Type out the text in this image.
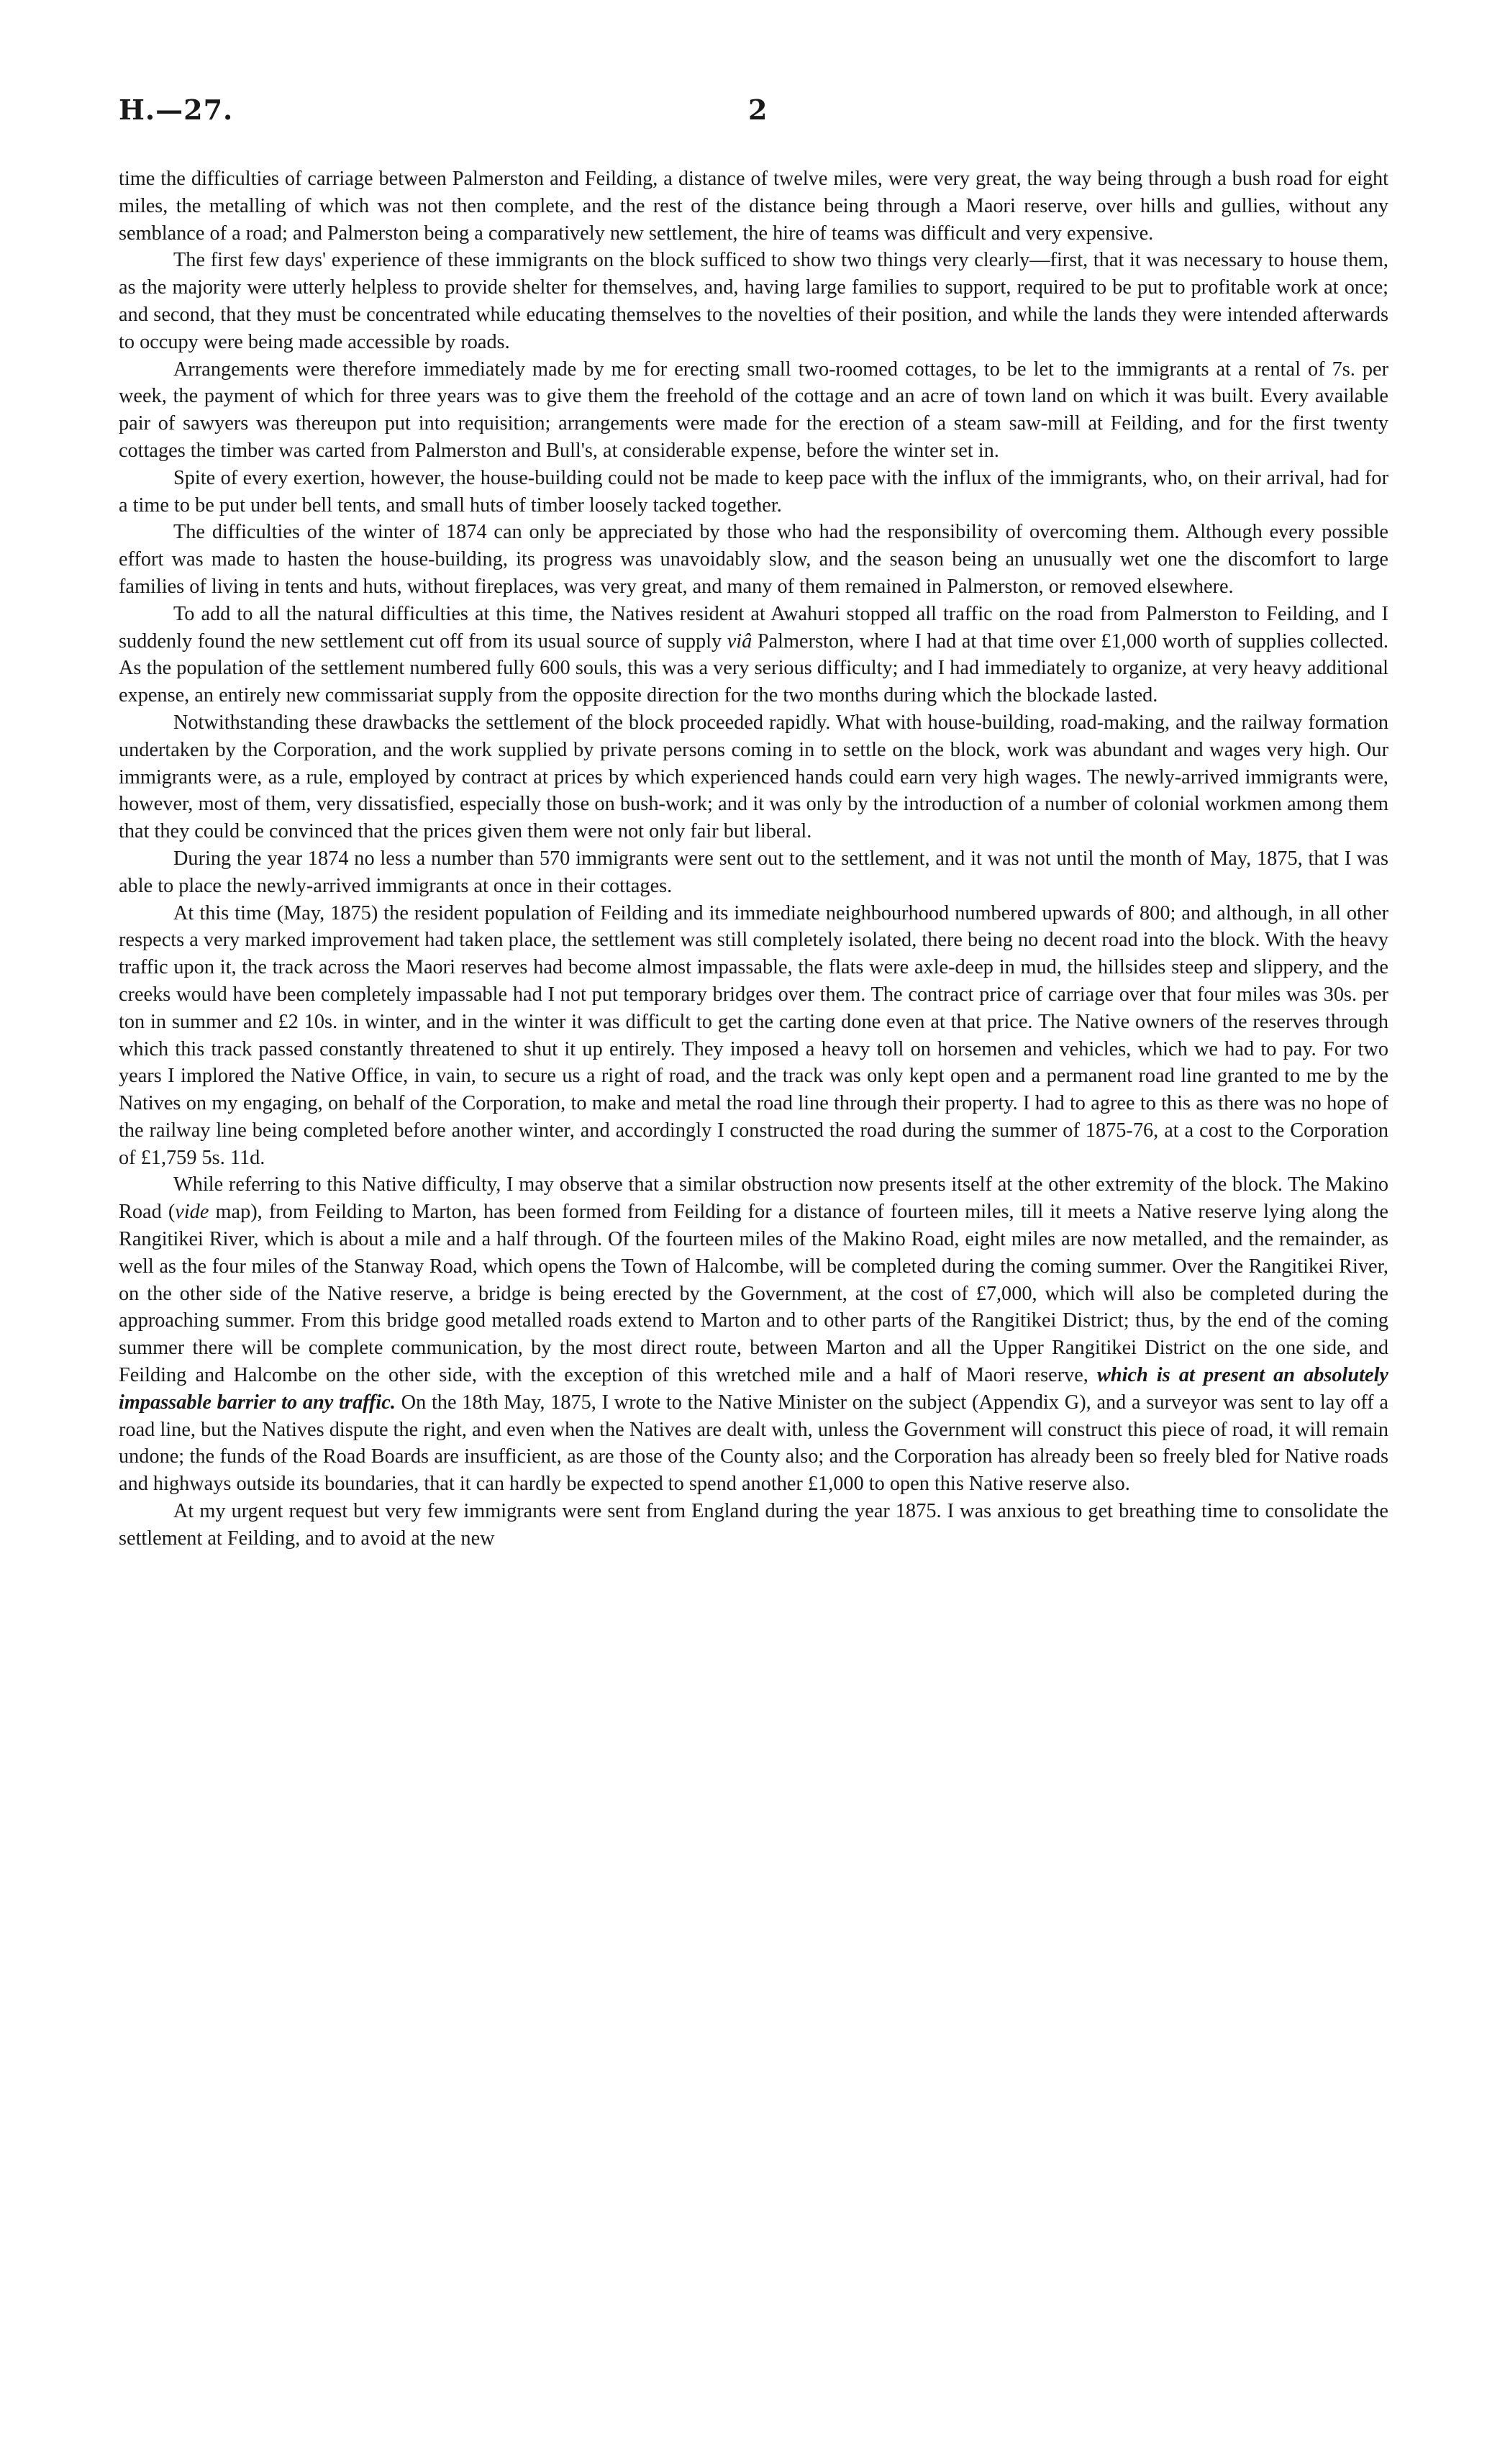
H.—27.	2

time the difficulties of carriage between Palmerston and Feilding, a distance of twelve miles, were very great, the way being through a bush road for eight miles, the metalling of which was not then complete, and the rest of the distance being through a Maori reserve, over hills and gullies, without any semblance of a road; and Palmerston being a comparatively new settlement, the hire of teams was difficult and very expensive.

The first few days' experience of these immigrants on the block sufficed to show two things very clearly—first, that it was necessary to house them, as the majority were utterly helpless to provide shelter for themselves, and, having large families to support, required to be put to profitable work at once; and second, that they must be concentrated while educating themselves to the novelties of their position, and while the lands they were intended afterwards to occupy were being made accessible by roads.

Arrangements were therefore immediately made by me for erecting small two-roomed cottages, to be let to the immigrants at a rental of 7s. per week, the payment of which for three years was to give them the freehold of the cottage and an acre of town land on which it was built. Every available pair of sawyers was thereupon put into requisition; arrangements were made for the erection of a steam saw-mill at Feilding, and for the first twenty cottages the timber was carted from Palmerston and Bull's, at considerable expense, before the winter set in.

Spite of every exertion, however, the house-building could not be made to keep pace with the influx of the immigrants, who, on their arrival, had for a time to be put under bell tents, and small huts of timber loosely tacked together.

The difficulties of the winter of 1874 can only be appreciated by those who had the responsibility of overcoming them. Although every possible effort was made to hasten the house-building, its progress was unavoidably slow, and the season being an unusually wet one the discomfort to large families of living in tents and huts, without fireplaces, was very great, and many of them remained in Palmerston, or removed elsewhere.

To add to all the natural difficulties at this time, the Natives resident at Awahuri stopped all traffic on the road from Palmerston to Feilding, and I suddenly found the new settlement cut off from its usual source of supply viâ Palmerston, where I had at that time over £1,000 worth of supplies collected. As the population of the settlement numbered fully 600 souls, this was a very serious difficulty; and I had immediately to organize, at very heavy additional expense, an entirely new commissariat supply from the opposite direction for the two months during which the blockade lasted.

Notwithstanding these drawbacks the settlement of the block proceeded rapidly. What with house-building, road-making, and the railway formation undertaken by the Corporation, and the work supplied by private persons coming in to settle on the block, work was abundant and wages very high. Our immigrants were, as a rule, employed by contract at prices by which experienced hands could earn very high wages. The newly-arrived immigrants were, however, most of them, very dissatisfied, especially those on bush-work; and it was only by the introduction of a number of colonial workmen among them that they could be convinced that the prices given them were not only fair but liberal.

During the year 1874 no less a number than 570 immigrants were sent out to the settlement, and it was not until the month of May, 1875, that I was able to place the newly-arrived immigrants at once in their cottages.

At this time (May, 1875) the resident population of Feilding and its immediate neighbourhood numbered upwards of 800; and although, in all other respects a very marked improvement had taken place, the settlement was still completely isolated, there being no decent road into the block. With the heavy traffic upon it, the track across the Maori reserves had become almost impassable, the flats were axle-deep in mud, the hillsides steep and slippery, and the creeks would have been completely impassable had I not put temporary bridges over them. The contract price of carriage over that four miles was 30s. per ton in summer and £2 10s. in winter, and in the winter it was difficult to get the carting done even at that price. The Native owners of the reserves through which this track passed constantly threatened to shut it up entirely. They imposed a heavy toll on horsemen and vehicles, which we had to pay. For two years I implored the Native Office, in vain, to secure us a right of road, and the track was only kept open and a permanent road line granted to me by the Natives on my engaging, on behalf of the Corporation, to make and metal the road line through their property. I had to agree to this as there was no hope of the railway line being completed before another winter, and accordingly I constructed the road during the summer of 1875-76, at a cost to the Corporation of £1,759 5s. 11d.

While referring to this Native difficulty, I may observe that a similar obstruction now presents itself at the other extremity of the block. The Makino Road (vide map), from Feilding to Marton, has been formed from Feilding for a distance of fourteen miles, till it meets a Native reserve lying along the Rangitikei River, which is about a mile and a half through. Of the fourteen miles of the Makino Road, eight miles are now metalled, and the remainder, as well as the four miles of the Stanway Road, which opens the Town of Halcombe, will be completed during the coming summer. Over the Rangitikei River, on the other side of the Native reserve, a bridge is being erected by the Government, at the cost of £7,000, which will also be completed during the approaching summer. From this bridge good metalled roads extend to Marton and to other parts of the Rangitikei District; thus, by the end of the coming summer there will be complete communication, by the most direct route, between Marton and all the Upper Rangitikei District on the one side, and Feilding and Halcombe on the other side, with the exception of this wretched mile and a half of Maori reserve, which is at present an absolutely impassable barrier to any traffic. On the 18th May, 1875, I wrote to the Native Minister on the subject (Appendix G), and a surveyor was sent to lay off a road line, but the Natives dispute the right, and even when the Natives are dealt with, unless the Government will construct this piece of road, it will remain undone; the funds of the Road Boards are insufficient, as are those of the County also; and the Corporation has already been so freely bled for Native roads and highways outside its boundaries, that it can hardly be expected to spend another £1,000 to open this Native reserve also.

At my urgent request but very few immigrants were sent from England during the year 1875. I was anxious to get breathing time to consolidate the settlement at Feilding, and to avoid at the new
